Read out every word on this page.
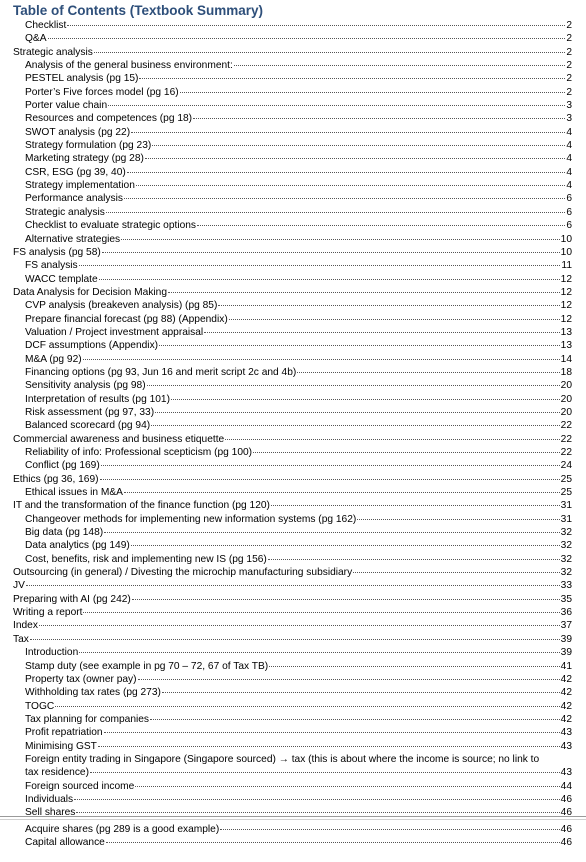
Table of Contents (Textbook Summary)
Checklist	2
Q&A	2
Strategic analysis	2
Analysis of the general business environment:	2
PESTEL analysis (pg 15)	2
Porter’s Five forces model (pg 16)	2
Porter value chain	3
Resources and competences (pg 18)	3
SWOT analysis (pg 22)	4
Strategy formulation (pg 23)	4
Marketing strategy (pg 28)	4
CSR, ESG (pg 39, 40)	4
Strategy implementation	4
Performance analysis	6
Strategic analysis	6
Checklist to evaluate strategic options	6
Alternative strategies	10
FS analysis (pg 58)	10
FS analysis	11
WACC template	12
Data Analysis for Decision Making	12
CVP analysis (breakeven analysis) (pg 85)	12
Prepare financial forecast (pg 88) (Appendix)	12
Valuation / Project investment appraisal	13
DCF assumptions (Appendix)	13
M&A (pg 92)	14
Financing options (pg 93, Jun 16 and merit script 2c and 4b)	18
Sensitivity analysis (pg 98)	20
Interpretation of results (pg 101)	20
Risk assessment (pg 97, 33)	20
Balanced scorecard (pg 94)	22
Commercial awareness and business etiquette	22
Reliability of info: Professional scepticism (pg 100)	22
Conflict (pg 169)	24
Ethics (pg 36, 169)	25
Ethical issues in M&A	25
IT and the transformation of the finance function (pg 120)	31
Changeover methods for implementing new information systems (pg 162)	31
Big data (pg 148)	32
Data analytics (pg 149)	32
Cost, benefits, risk and implementing new IS (pg 156)	32
Outsourcing (in general) / Divesting the microchip manufacturing subsidiary	32
JV	33
Preparing with AI (pg 242)	35
Writing a report	36
Index	37
Tax	39
Introduction	39
Stamp duty (see example in pg 70 – 72, 67 of Tax TB)	41
Property tax (owner pay)	42
Withholding tax rates (pg 273)	42
TOGC	42
Tax planning for companies	42
Profit repatriation	43
Minimising GST	43
Foreign entity trading in Singapore (Singapore sourced) → tax (this is about where the income is source; no link to
tax residence)	43
Foreign sourced income	44
Individuals	46
Sell shares	46
Acquire shares (pg 289 is a good example)	46
Capital allowance	46
